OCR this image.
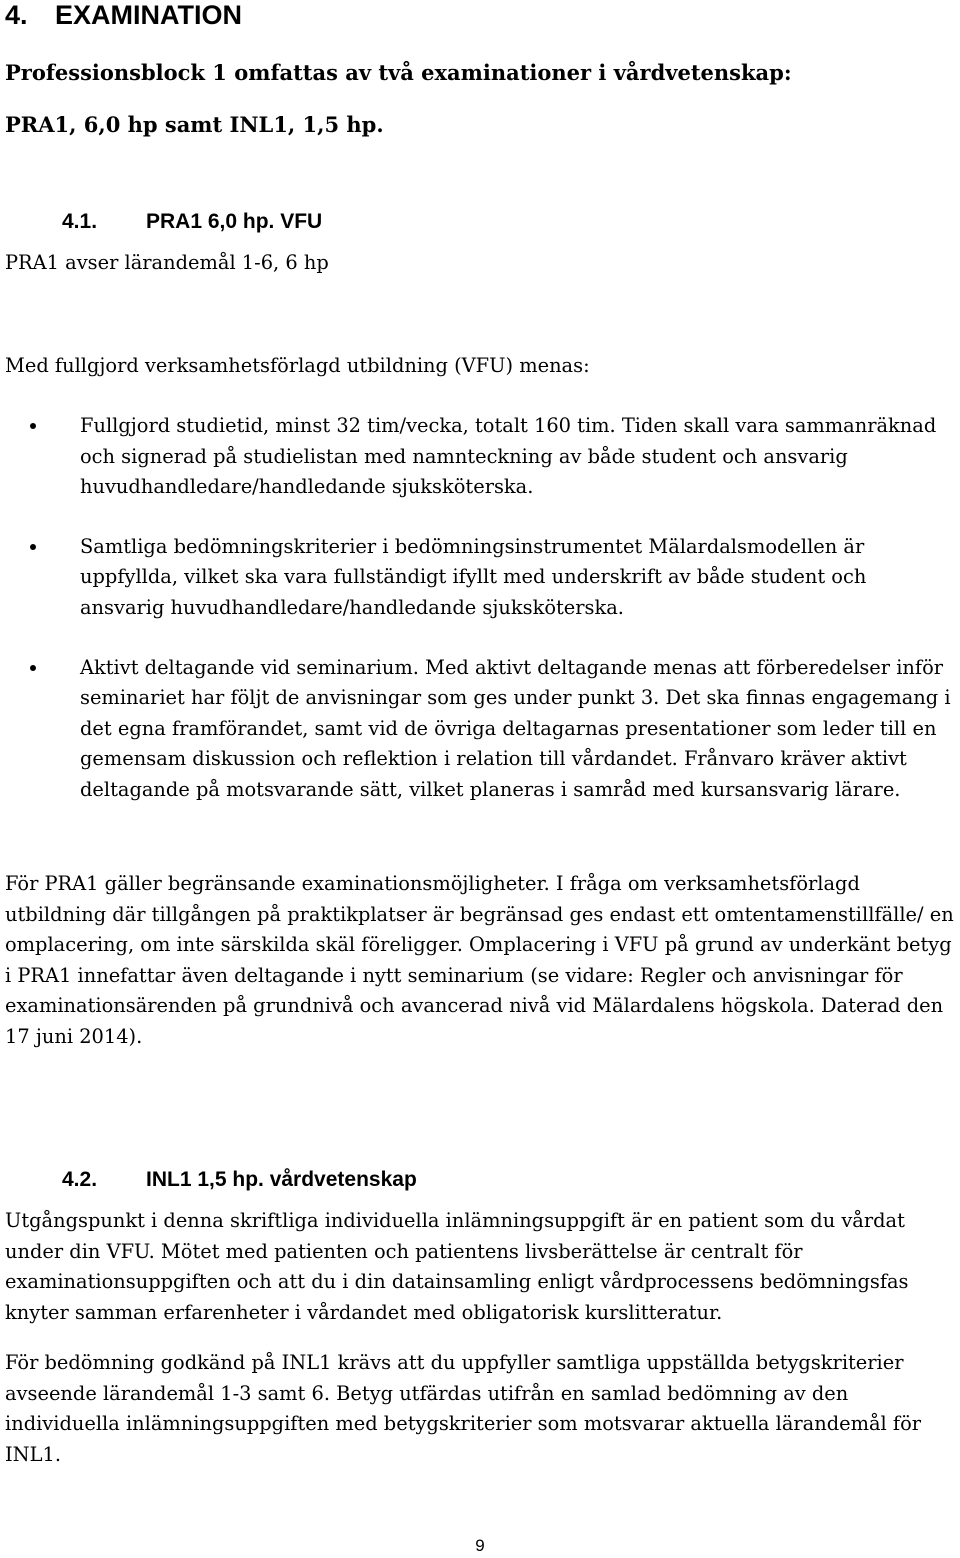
4. EXAMINATION

Professionsblock 1 omfattas av två examinationer i vårdvetenskap:

PRA1, 6,0 hp samt INL1, 1,5 hp.

4.1. PRA1 6,0 hp. VFU

PRA1 avser lärandemål 1-6, 6 hp

Med fullgjord verksamhetsförlagd utbildning (VFU) menas:

Fullgjord studietid, minst 32 tim/vecka, totalt 160 tim. Tiden skall vara sammanräknad och signerad på studielistan med namnteckning av både student och ansvarig huvudhandledare/handledande sjuksköterska.
Samtliga bedömningskriterier i bedömningsinstrumentet Mälardalsmodellen är uppfyllda, vilket ska vara fullständigt ifyllt med underskrift av både student och ansvarig huvudhandledare/handledande sjuksköterska.
Aktivt deltagande vid seminarium. Med aktivt deltagande menas att förberedelser inför seminariet har följt de anvisningar som ges under punkt 3. Det ska finnas engagemang i det egna framförandet, samt vid de övriga deltagarnas presentationer som leder till en gemensam diskussion och reflektion i relation till vårdandet. Frånvaro kräver aktivt deltagande på motsvarande sätt, vilket planeras i samråd med kursansvarig lärare.

För PRA1 gäller begränsande examinationsmöjligheter. I fråga om verksamhetsförlagd utbildning där tillgången på praktikplatser är begränsad ges endast ett omtentamenstillfälle/ en omplacering, om inte särskilda skäl föreligger. Omplacering i VFU på grund av underkänt betyg i PRA1 innefattar även deltagande i nytt seminarium (se vidare: Regler och anvisningar för examinationsärenden på grundnivå och avancerad nivå vid Mälardalens högskola. Daterad den 17 juni 2014).

4.2. INL1 1,5 hp. vårdvetenskap

Utgångspunkt i denna skriftliga individuella inlämningsuppgift är en patient som du vårdat under din VFU. Mötet med patienten och patientens livsberättelse är centralt för examinationsuppgiften och att du i din datainsamling enligt vårdprocessens bedömningsfas knyter samman erfarenheter i vårdandet med obligatorisk kurslitteratur.

För bedömning godkänd på INL1 krävs att du uppfyller samtliga uppställda betygskriterier avseende lärandemål 1-3 samt 6. Betyg utfärdas utifrån en samlad bedömning av den individuella inlämningsuppgiften med betygskriterier som motsvarar aktuella lärandemål för INL1.

9
